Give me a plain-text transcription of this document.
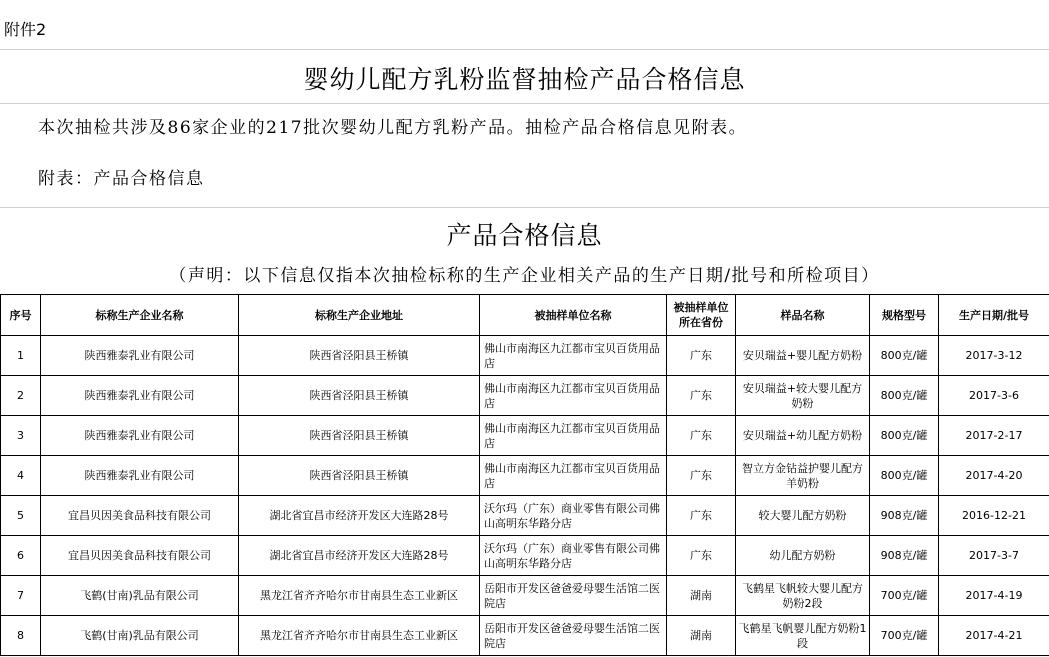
附件2
婴幼儿配方乳粉监督抽检产品合格信息
本次抽检共涉及86家企业的217批次婴幼儿配方乳粉产品。抽检产品合格信息见附表。
附表：产品合格信息
产品合格信息
（声明：以下信息仅指本次抽检标称的生产企业相关产品的生产日期/批号和所检项目）
序号	标称生产企业名称	标称生产企业地址	被抽样单位名称	被抽样单位所在省份	样品名称	规格型号	生产日期/批号
1	陕西雅泰乳业有限公司	陕西省泾阳县王桥镇	佛山市南海区九江都市宝贝百货用品店	广东	安贝瑞益+婴儿配方奶粉	800克/罐	2017-3-12
2	陕西雅泰乳业有限公司	陕西省泾阳县王桥镇	佛山市南海区九江都市宝贝百货用品店	广东	安贝瑞益+较大婴儿配方奶粉	800克/罐	2017-3-6
3	陕西雅泰乳业有限公司	陕西省泾阳县王桥镇	佛山市南海区九江都市宝贝百货用品店	广东	安贝瑞益+幼儿配方奶粉	800克/罐	2017-2-17
4	陕西雅泰乳业有限公司	陕西省泾阳县王桥镇	佛山市南海区九江都市宝贝百货用品店	广东	智立方金钻益护婴儿配方羊奶粉	800克/罐	2017-4-20
5	宜昌贝因美食品科技有限公司	湖北省宜昌市经济开发区大连路28号	沃尔玛（广东）商业零售有限公司佛山高明东华路分店	广东	较大婴儿配方奶粉	908克/罐	2016-12-21
6	宜昌贝因美食品科技有限公司	湖北省宜昌市经济开发区大连路28号	沃尔玛（广东）商业零售有限公司佛山高明东华路分店	广东	幼儿配方奶粉	908克/罐	2017-3-7
7	飞鹤(甘南)乳品有限公司	黑龙江省齐齐哈尔市甘南县生态工业新区	岳阳市开发区爸爸爱母婴生活馆二医院店	湖南	飞鹤星飞帆较大婴儿配方奶粉2段	700克/罐	2017-4-19
8	飞鹤(甘南)乳品有限公司	黑龙江省齐齐哈尔市甘南县生态工业新区	岳阳市开发区爸爸爱母婴生活馆二医院店	湖南	飞鹤星飞帆婴儿配方奶粉1段	700克/罐	2017-4-21
